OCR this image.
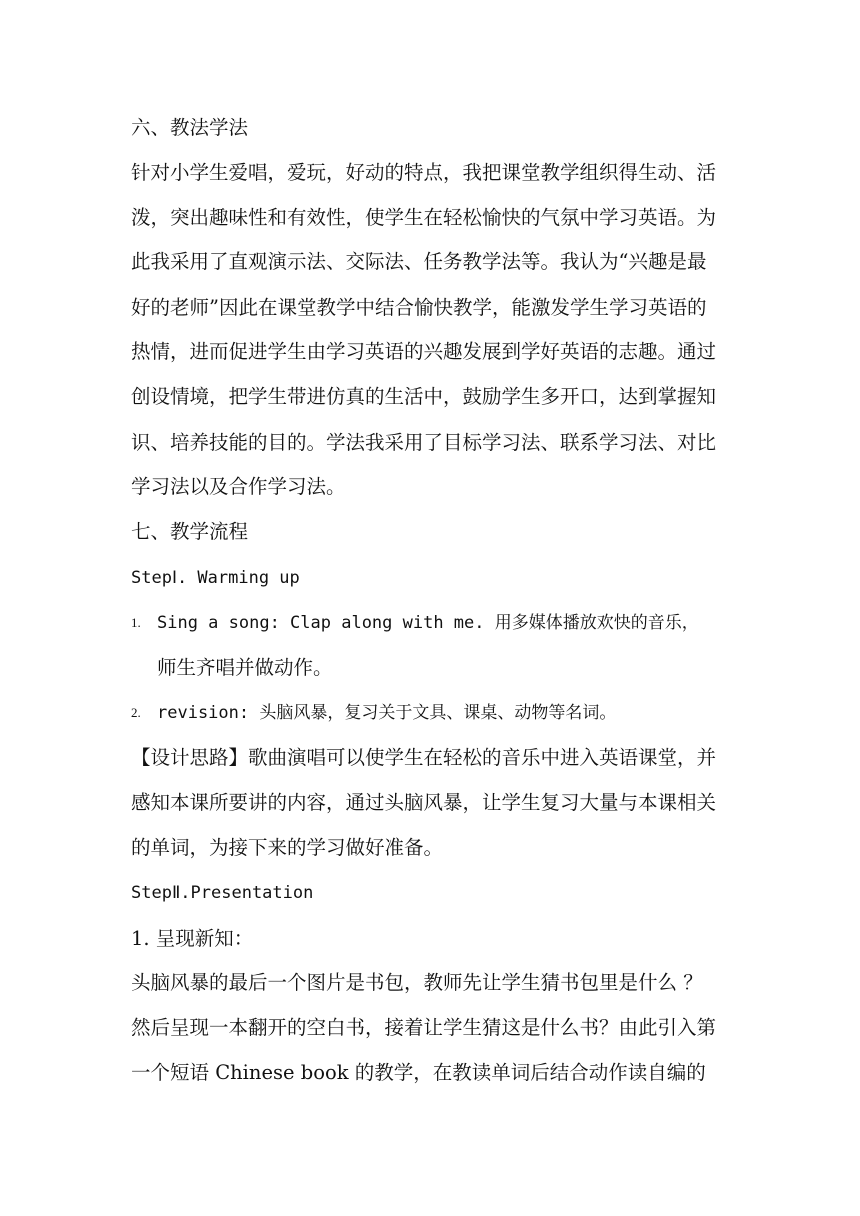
六、教法学法
针对小学生爱唱，爱玩，好动的特点，我把课堂教学组织得生动、活
泼，突出趣味性和有效性，使学生在轻松愉快的气氛中学习英语。为
此我采用了直观演示法、交际法、任务教学法等。我认为“兴趣是最
好的老师”因此在课堂教学中结合愉快教学，能激发学生学习英语的
热情，进而促进学生由学习英语的兴趣发展到学好英语的志趣。通过
创设情境，把学生带进仿真的生活中，鼓励学生多开口，达到掌握知
识、培养技能的目的。学法我采用了目标学习法、联系学习法、对比
学习法以及合作学习法。
七、教学流程
StepⅠ. Warming up
1. Sing a song: Clap along with me. 用多媒体播放欢快的音乐，
师生齐唱并做动作。
2. revision: 头脑风暴，复习关于文具、课桌、动物等名词。
【设计思路】歌曲演唱可以使学生在轻松的音乐中进入英语课堂，并
感知本课所要讲的内容，通过头脑风暴，让学生复习大量与本课相关
的单词，为接下来的学习做好准备。
StepⅡ.Presentation
1. 呈现新知：
头脑风暴的最后一个图片是书包，教师先让学生猜书包里是什么 ？
然后呈现一本翻开的空白书，接着让学生猜这是什么书？由此引入第
一个短语 Chinese book 的教学，在教读单词后结合动作读自编的
